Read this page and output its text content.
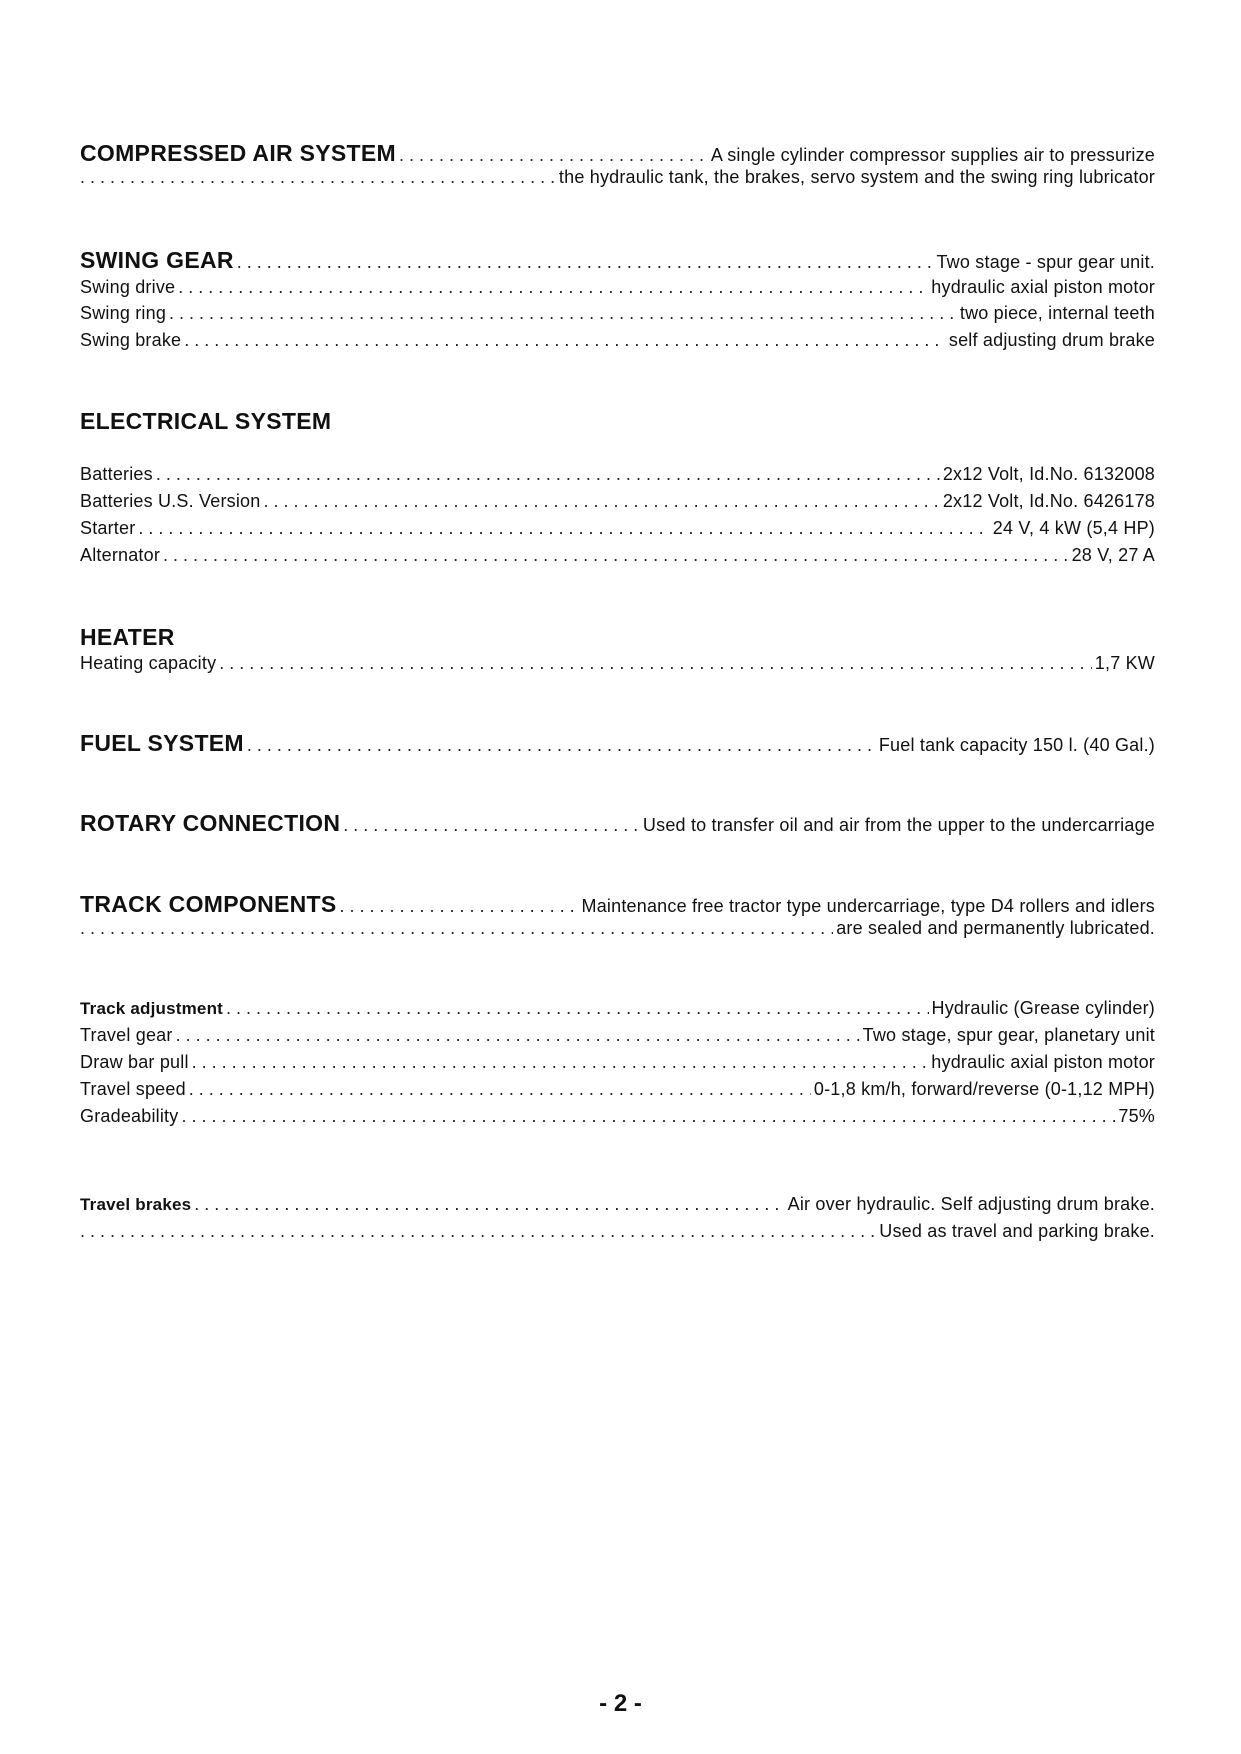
COMPRESSED AIR SYSTEM . . .	A single cylinder compressor supplies air to pressurize
. . .
the hydraulic tank, the brakes, servo system and the swing ring lubricator
SWING GEAR . . .	Two stage - spur gear unit.
Swing drive . . .	hydraulic axial piston motor
Swing ring . . .	two piece, internal teeth
Swing brake . . .	self adjusting drum brake
ELECTRICAL SYSTEM
Batteries . . .	2x12 Volt, Id.No. 6132008
Batteries U.S. Version . . .	2x12 Volt, Id.No. 6426178
Starter . . .	24 V, 4 kW (5,4 HP)
Alternator . . .	28 V, 27 A
HEATER
Heating capacity . . .	1,7 KW
FUEL SYSTEM . . .	Fuel tank capacity 150 l. (40 Gal.)
ROTARY CONNECTION . . .	Used to transfer oil and air from the upper to the undercarriage
TRACK COMPONENTS . . .	Maintenance free tractor type undercarriage, type D4 rollers and idlers
. . .
are sealed and permanently lubricated.
Track adjustment . . .	Hydraulic (Grease cylinder)
Travel gear . . .	Two stage, spur gear, planetary unit
Draw bar pull . . .	hydraulic axial piston motor
Travel speed . . .	0-1,8 km/h, forward/reverse (0-1,12 MPH)
Gradeability . . .	75%
Travel brakes . . .	Air over hydraulic. Self adjusting drum brake.
. . .
Used as travel and parking brake.
- 2 -
